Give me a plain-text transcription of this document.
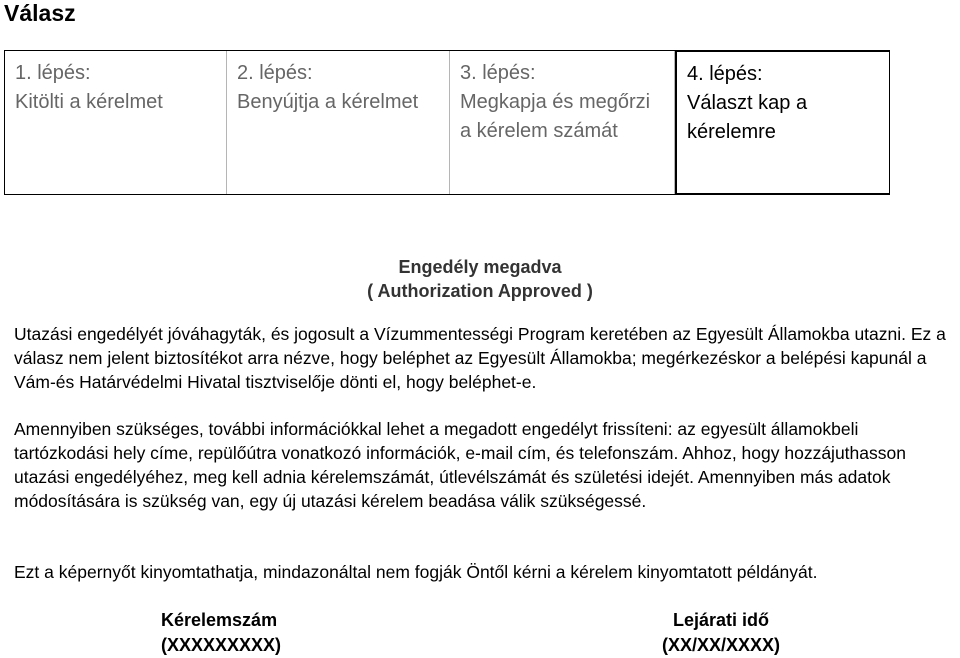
Válasz
1. lépés:
Kitölti a kérelmet
2. lépés:
Benyújtja a kérelmet
3. lépés:
Megkapja és megőrzi a kérelem számát
4. lépés:
Választ kap a kérelemre
Engedély megadva
( Authorization Approved )
Utazási engedélyét jóváhagyták, és jogosult a Vízummentességi Program keretében az Egyesült Államokba utazni. Ez a válasz nem jelent biztosítékot arra nézve, hogy beléphet az Egyesült Államokba; megérkezéskor a belépési kapunál a Vám-és Határvédelmi Hivatal tisztviselője dönti el, hogy beléphet-e.
Amennyiben szükséges, további információkkal lehet a megadott engedélyt frissíteni: az egyesült államokbeli tartózkodási hely címe, repülőútra vonatkozó információk, e-mail cím, és telefonszám. Ahhoz, hogy hozzájuthasson utazási engedélyéhez, meg kell adnia kérelemszámát, útlevélszámát és születési idejét. Amennyiben más adatok módosítására is szükség van, egy új utazási kérelem beadása válik szükségessé.
Ezt a képernyőt kinyomtathatja, mindazonáltal nem fogják Öntől kérni a kérelem kinyomtatott példányát.
Kérelemszám
(XXXXXXXXX)
Lejárati idő
(XX/XX/XXXX)
